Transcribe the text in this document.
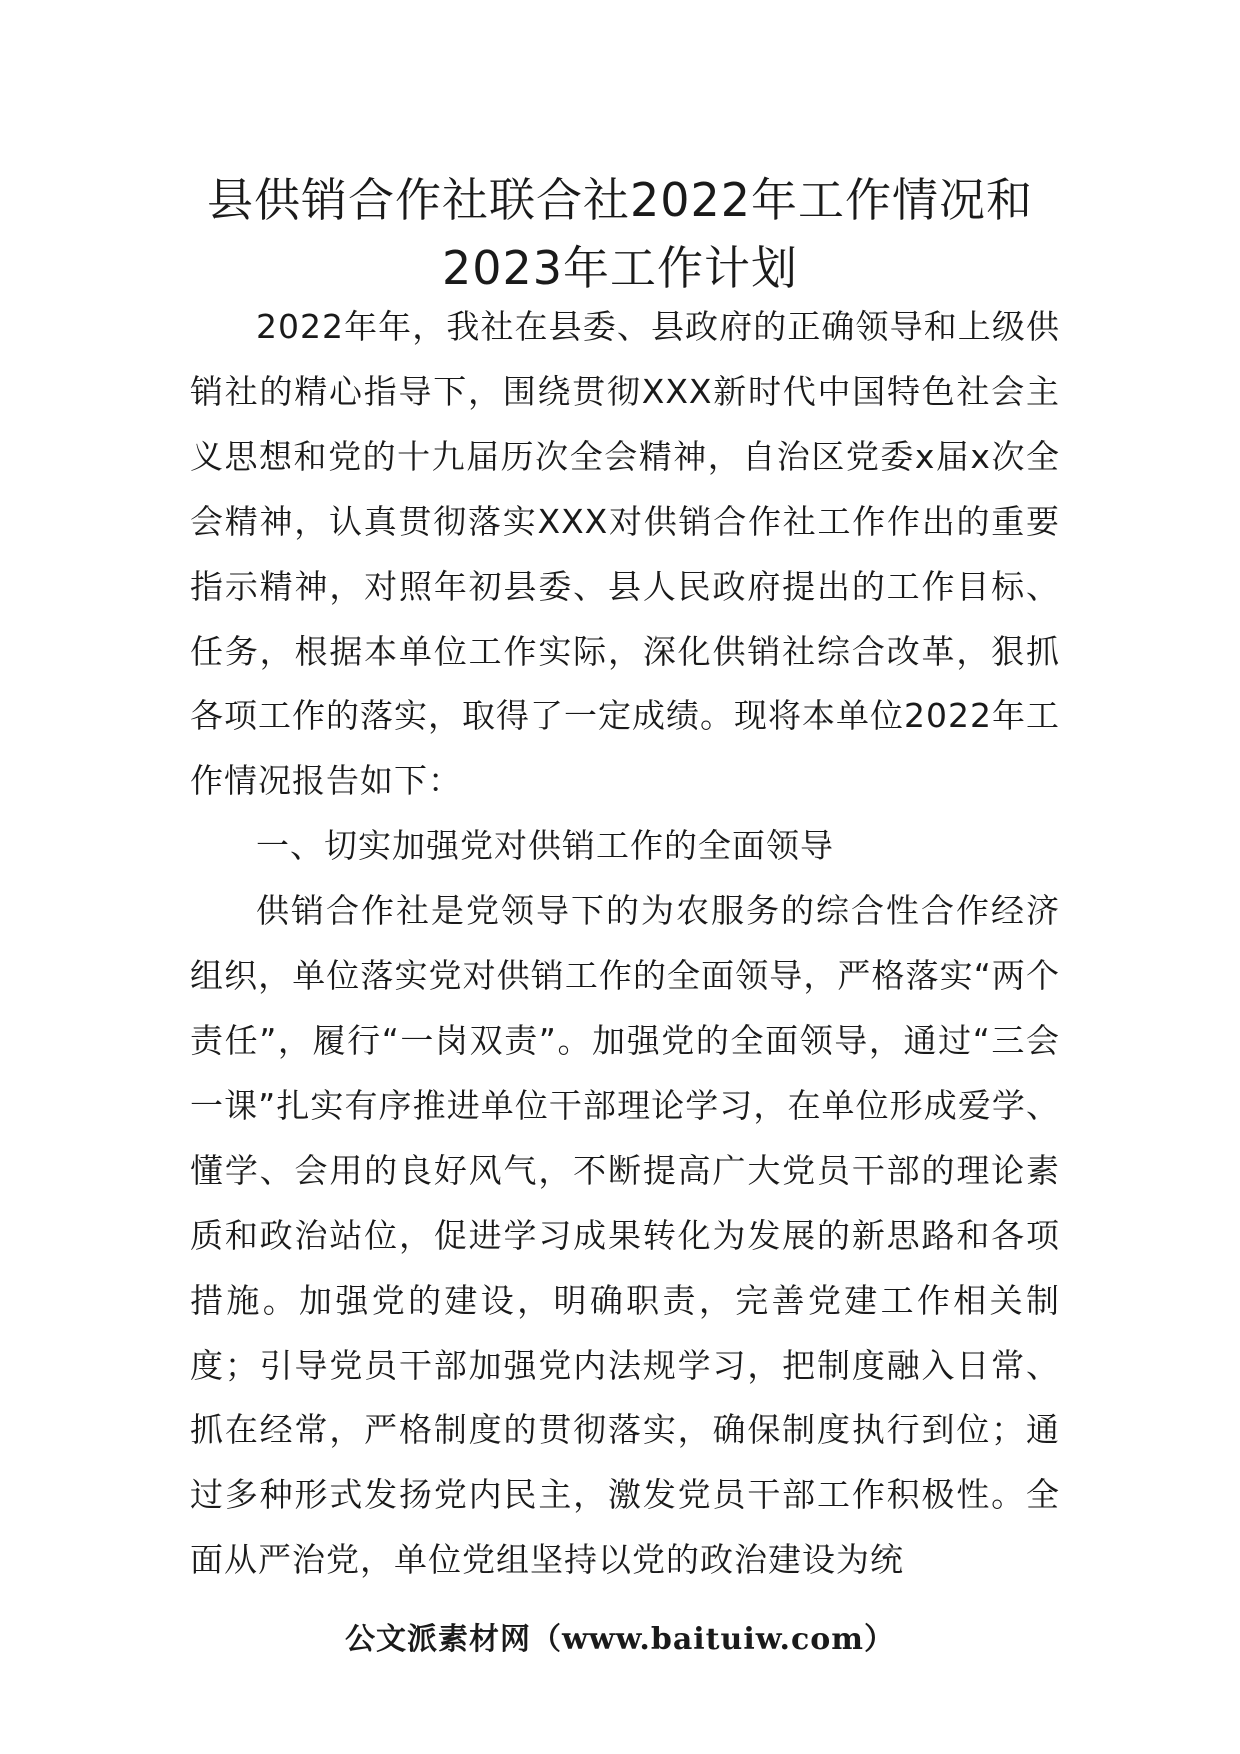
县供销合作社联合社2022年工作情况和
2023年工作计划

2022年年，我社在县委、县政府的正确领导和上级供销社的精心指导下，围绕贯彻XXX新时代中国特色社会主义思想和党的十九届历次全会精神，自治区党委x届x次全会精神，认真贯彻落实XXX对供销合作社工作作出的重要指示精神，对照年初县委、县人民政府提出的工作目标、任务，根据本单位工作实际，深化供销社综合改革，狠抓各项工作的落实，取得了一定成绩。现将本单位2022年工作情况报告如下：

一、切实加强党对供销工作的全面领导

供销合作社是党领导下的为农服务的综合性合作经济组织，单位落实党对供销工作的全面领导，严格落实“两个责任”，履行“一岗双责”。加强党的全面领导，通过“三会一课”扎实有序推进单位干部理论学习，在单位形成爱学、懂学、会用的良好风气，不断提高广大党员干部的理论素质和政治站位，促进学习成果转化为发展的新思路和各项措施。加强党的建设，明确职责，完善党建工作相关制度；引导党员干部加强党内法规学习，把制度融入日常、抓在经常，严格制度的贯彻落实，确保制度执行到位；通过多种形式发扬党内民主，激发党员干部工作积极性。全面从严治党，单位党组坚持以党的政治建设为统

公文派素材网（www.baituiw.com）
